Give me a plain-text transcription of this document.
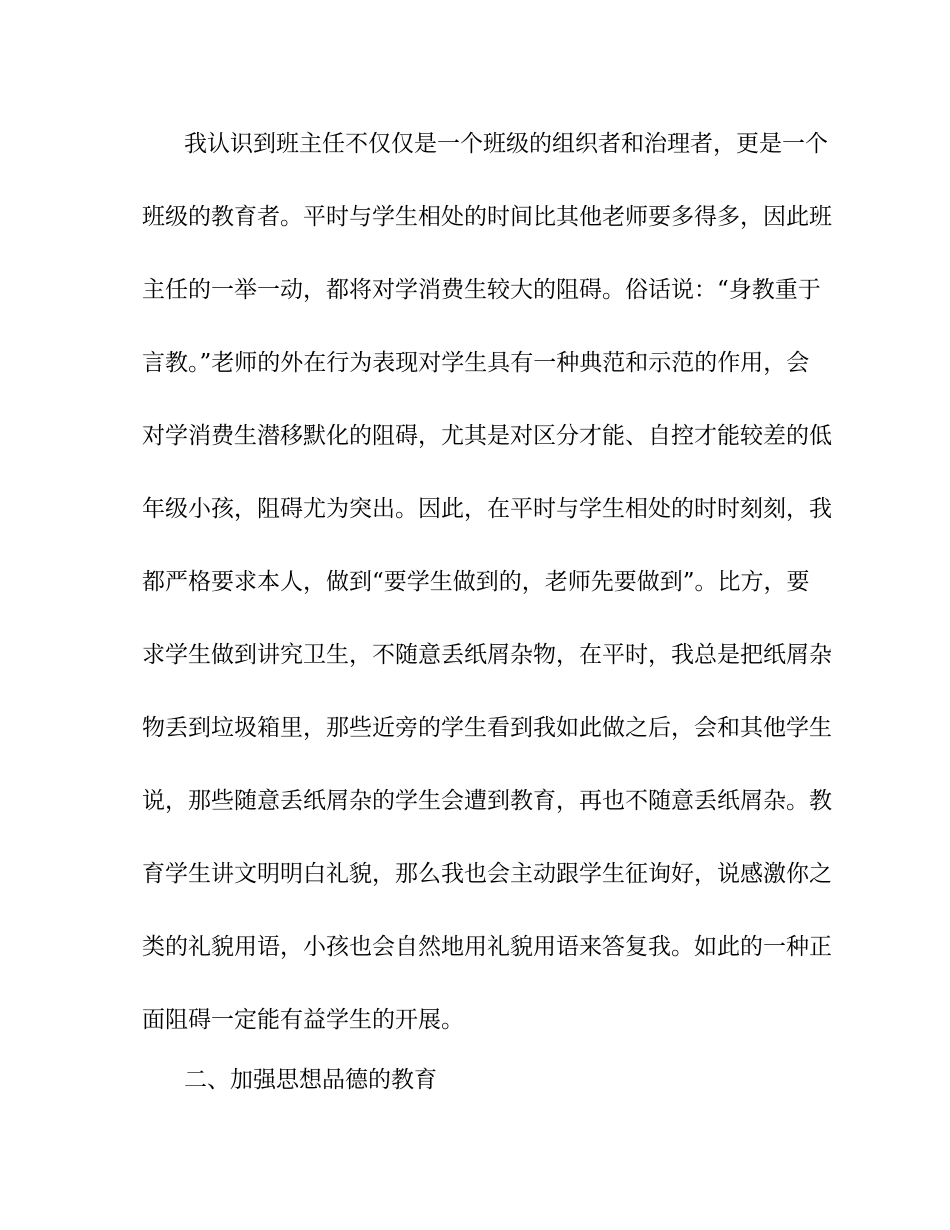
我认识到班主任不仅仅是一个班级的组织者和治理者，更是一个
班级的教育者。平时与学生相处的时间比其他老师要多得多，因此班
主任的一举一动，都将对学消费生较大的阻碍。俗话说：“身教重于
言教。”老师的外在行为表现对学生具有一种典范和示范的作用，会
对学消费生潜移默化的阻碍，尤其是对区分才能、自控才能较差的低
年级小孩，阻碍尤为突出。因此，在平时与学生相处的时时刻刻，我
都严格要求本人，做到“要学生做到的，老师先要做到”。比方，要
求学生做到讲究卫生，不随意丢纸屑杂物，在平时，我总是把纸屑杂
物丢到垃圾箱里，那些近旁的学生看到我如此做之后，会和其他学生
说，那些随意丢纸屑杂的学生会遭到教育，再也不随意丢纸屑杂。教
育学生讲文明明白礼貌，那么我也会主动跟学生征询好，说感激你之
类的礼貌用语，小孩也会自然地用礼貌用语来答复我。如此的一种正
面阻碍一定能有益学生的开展。
二、加强思想品德的教育
